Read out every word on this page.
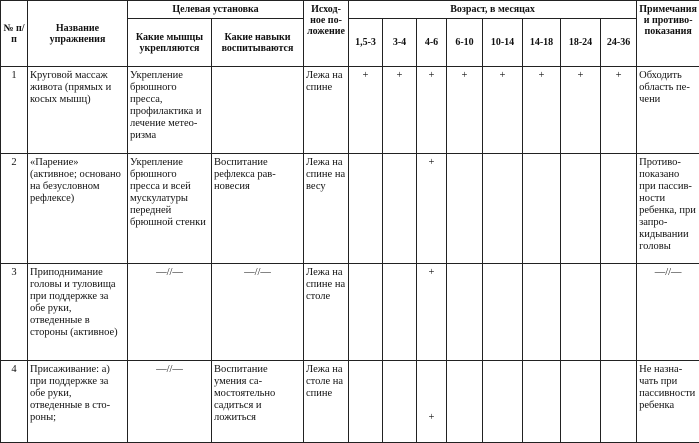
№ п/п	Название упражнения	Целевая установка		Исходное положение	Возраст, в месяцах								Примечания и противопоказания
		Какие мышцы укрепляются	Какие навыки воспитываются		1,5-3	3-4	4-6	6-10	10-14	14-18	18-24	24-36	
1	Круговой массаж живота (прямых и косых мышц)	Укрепление брюшного пресса, профилактика и лечение метеоризма		Лежа на спине	+	+	+	+	+	+	+	+	Обходить область печени
2	«Парение» (активное; основано на безусловном рефлексе)	Укрепление брюшного пресса и всей мускулатуры передней брюшной стенки	Воспитание рефлекса равновесия	Лежа на спине на весу			+						Противопоказано при пассивности ребенка, при запрокидывании головы
3	Приподнимание головы и туловища при поддержке за обе руки, отведенные в стороны (активное)	—//—	—//—	Лежа на спине на столе			+						—//—
4	Присаживание: а) при поддержке за обе руки, отведенные в стороны;	—//—	Воспитание умения самостоятельно садиться и ложиться	Лежа на столе на спине			+						Не назначать при пассивности ребенка
